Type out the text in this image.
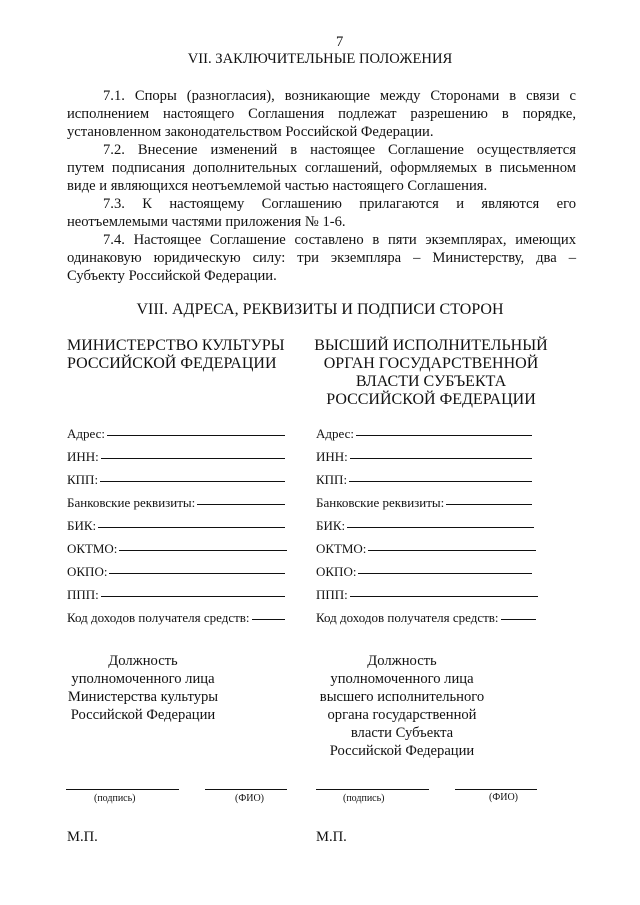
7
VII. ЗАКЛЮЧИТЕЛЬНЫЕ ПОЛОЖЕНИЯ
7.1. Споры (разногласия), возникающие между Сторонами в связи с
исполнением настоящего Соглашения подлежат разрешению в порядке,
установленном законодательством Российской Федерации.
7.2. Внесение изменений в настоящее Соглашение осуществляется
путем подписания дополнительных соглашений, оформляемых в письменном
виде и являющихся неотъемлемой частью настоящего Соглашения.
7.3. К настоящему Соглашению прилагаются и являются его
неотъемлемыми частями приложения № 1-6.
7.4. Настоящее Соглашение составлено в пяти экземплярах, имеющих
одинаковую юридическую силу: три экземпляра – Министерству, два –
Субъекту Российской Федерации.
VIII. АДРЕСА, РЕКВИЗИТЫ И ПОДПИСИ СТОРОН
МИНИСТЕРСТВО КУЛЬТУРЫ
РОССИЙСКОЙ ФЕДЕРАЦИИ
ВЫСШИЙ ИСПОЛНИТЕЛЬНЫЙ
ОРГАН ГОСУДАРСТВЕННОЙ
ВЛАСТИ СУБЪЕКТА
РОССИЙСКОЙ ФЕДЕРАЦИИ
Адрес:
ИНН:
КПП:
Банковские реквизиты:
БИК:
ОКТМО:
ОКПО:
ППП:
Код доходов получателя средств:
Адрес:
ИНН:
КПП:
Банковские реквизиты:
БИК:
ОКТМО:
ОКПО:
ППП:
Код доходов получателя средств:
Должность
уполномоченного лица
Министерства культуры
Российской Федерации
Должность
уполномоченного лица
высшего исполнительного
органа государственной
власти Субъекта
Российской Федерации
(подпись)	(ФИО)	(подпись)	(ФИО)
М.П.	М.П.
